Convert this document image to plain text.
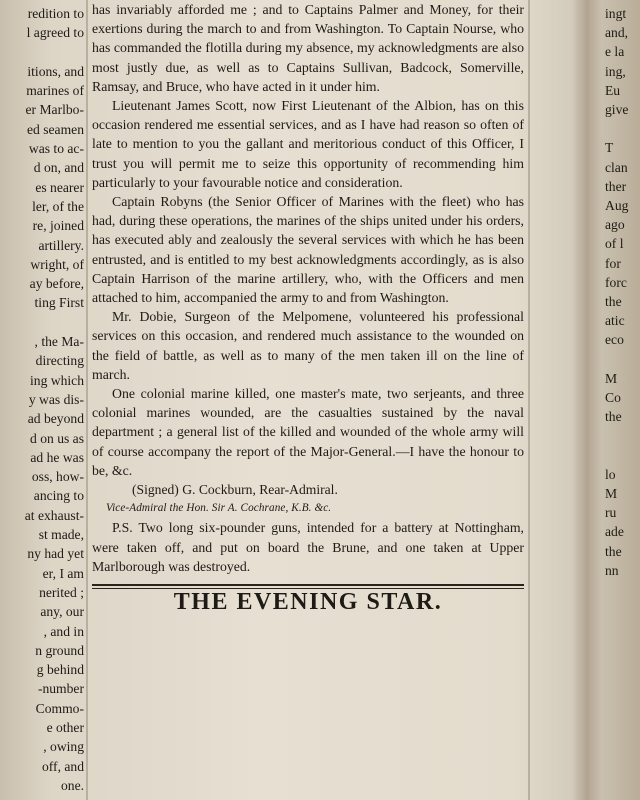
redition to
l agreed to

itions, and
marines of
er Marlbo-
ed seamen
was to ac-
d on, and
es nearer
ler, of the
re, joined
artillery.
wright, of
ay before,
ting First

, the Ma-
directing
ing which
y was dis-
ad beyond
d on us as
ad he was
oss, how-
ancing to
at exhaust-
st made,
ny had yet
er, I am
nerited ;
any, our
, and in
n ground
g behind
-number
Commo-
e other
, owing
off, and
one.

has invariably afforded me ; and to Captains Palmer and Money, for their exertions during the march to and from Washington. To Captain Nourse, who has commanded the flotilla during my absence, my acknowledgments are also most justly due, as well as to Captains Sullivan, Badcock, Somerville, Ramsay, and Bruce, who have acted in it under him.

Lieutenant James Scott, now First Lieutenant of the Albion, has on this occasion rendered me essential services, and as I have had reason so often of late to mention to you the gallant and meritorious conduct of this Officer, I trust you will permit me to seize this opportunity of recommending him particularly to your favourable notice and consideration.

Captain Robyns (the Senior Officer of Marines with the fleet) who has had, during these operations, the marines of the ships united under his orders, has executed ably and zealously the several services with which he has been entrusted, and is entitled to my best acknowledgments accordingly, as is also Captain Harrison of the marine artillery, who, with the Officers and men attached to him, accompanied the army to and from Washington.

Mr. Dobie, Surgeon of the Melpomene, volunteered his professional services on this occasion, and rendered much assistance to the wounded on the field of battle, as well as to many of the men taken ill on the line of march.

One colonial marine killed, one master's mate, two serjeants, and three colonial marines wounded, are the casualties sustained by the naval department ; a general list of the killed and wounded of the whole army will of course accompany the report of the Major-General.—I have the honour to be, &c.

(Signed) G. Cockburn, Rear-Admiral.

Vice-Admiral the Hon. Sir A. Cochrane, K.B. &c.

P.S. Two long six-pounder guns, intended for a battery at Nottingham, were taken off, and put on board the Brune, and one taken at Upper Marlborough was destroyed.

THE EVENING STAR.
ingt
and,
e la
ing,
Eu
give

T
clan
ther
Aug
ago
of l
for
forc
the
atic
eco

M
Co
the

lo
M
ru
ade
the
nn
